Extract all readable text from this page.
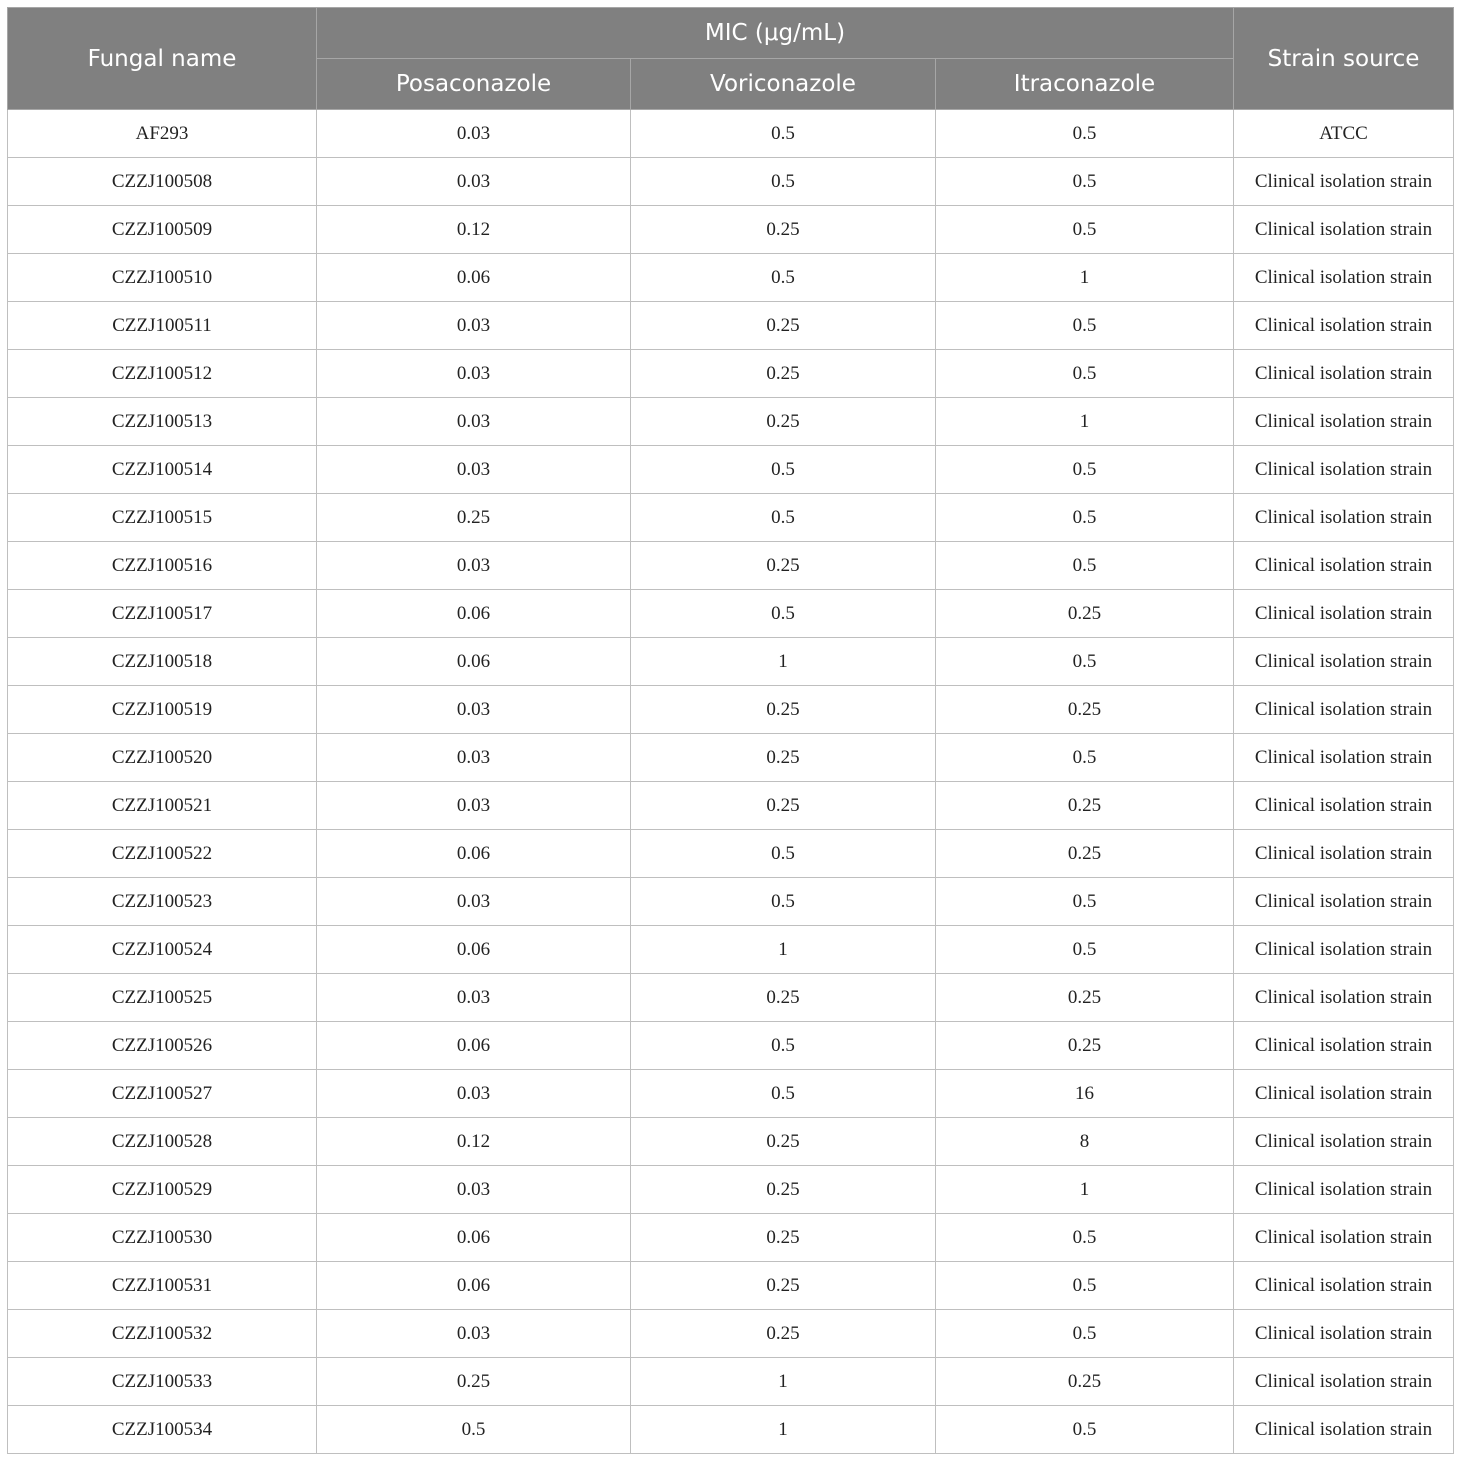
Fungal name	MIC (μg/mL)			Strain source
	Posaconazole	Voriconazole	Itraconazole	
AF293	0.03	0.5	0.5	ATCC
CZZJ100508	0.03	0.5	0.5	Clinical isolation strain
CZZJ100509	0.12	0.25	0.5	Clinical isolation strain
CZZJ100510	0.06	0.5	1	Clinical isolation strain
CZZJ100511	0.03	0.25	0.5	Clinical isolation strain
CZZJ100512	0.03	0.25	0.5	Clinical isolation strain
CZZJ100513	0.03	0.25	1	Clinical isolation strain
CZZJ100514	0.03	0.5	0.5	Clinical isolation strain
CZZJ100515	0.25	0.5	0.5	Clinical isolation strain
CZZJ100516	0.03	0.25	0.5	Clinical isolation strain
CZZJ100517	0.06	0.5	0.25	Clinical isolation strain
CZZJ100518	0.06	1	0.5	Clinical isolation strain
CZZJ100519	0.03	0.25	0.25	Clinical isolation strain
CZZJ100520	0.03	0.25	0.5	Clinical isolation strain
CZZJ100521	0.03	0.25	0.25	Clinical isolation strain
CZZJ100522	0.06	0.5	0.25	Clinical isolation strain
CZZJ100523	0.03	0.5	0.5	Clinical isolation strain
CZZJ100524	0.06	1	0.5	Clinical isolation strain
CZZJ100525	0.03	0.25	0.25	Clinical isolation strain
CZZJ100526	0.06	0.5	0.25	Clinical isolation strain
CZZJ100527	0.03	0.5	16	Clinical isolation strain
CZZJ100528	0.12	0.25	8	Clinical isolation strain
CZZJ100529	0.03	0.25	1	Clinical isolation strain
CZZJ100530	0.06	0.25	0.5	Clinical isolation strain
CZZJ100531	0.06	0.25	0.5	Clinical isolation strain
CZZJ100532	0.03	0.25	0.5	Clinical isolation strain
CZZJ100533	0.25	1	0.25	Clinical isolation strain
CZZJ100534	0.5	1	0.5	Clinical isolation strain
